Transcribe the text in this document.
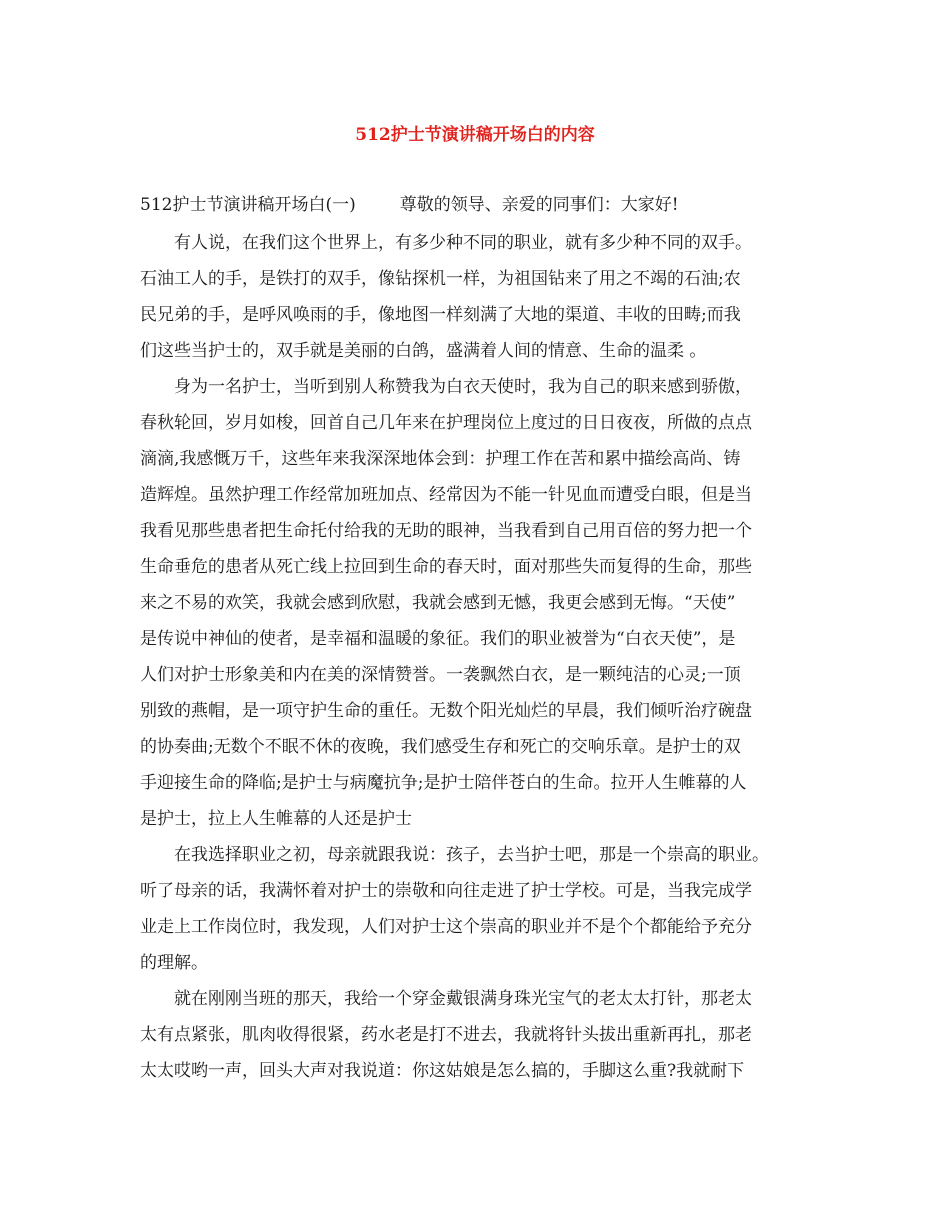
512护士节演讲稿开场白的内容
512护士节演讲稿开场白(一)	尊敬的领导、亲爱的同事们：大家好!
有人说，在我们这个世界上，有多少种不同的职业，就有多少种不同的双手。
石油工人的手，是铁打的双手，像钻探机一样，为祖国钻来了用之不竭的石油;农
民兄弟的手，是呼风唤雨的手，像地图一样刻满了大地的渠道、丰收的田畴;而我
们这些当护士的，双手就是美丽的白鸽，盛满着人间的情意、生命的温柔 。
身为一名护士，当听到别人称赞我为白衣天使时，我为自己的职来感到骄傲，
春秋轮回，岁月如梭，回首自己几年来在护理岗位上度过的日日夜夜，所做的点点
滴滴,我感慨万千，这些年来我深深地体会到：护理工作在苦和累中描绘高尚、铸
造辉煌。虽然护理工作经常加班加点、经常因为不能一针见血而遭受白眼，但是当
我看见那些患者把生命托付给我的无助的眼神，当我看到自己用百倍的努力把一个
生命垂危的患者从死亡线上拉回到生命的春天时，面对那些失而复得的生命，那些
来之不易的欢笑，我就会感到欣慰，我就会感到无憾，我更会感到无悔。“天使”
是传说中神仙的使者，是幸福和温暖的象征。我们的职业被誉为“白衣天使”，是
人们对护士形象美和内在美的深情赞誉。一袭飘然白衣，是一颗纯洁的心灵;一顶
别致的燕帽，是一项守护生命的重任。无数个阳光灿烂的早晨，我们倾听治疗碗盘
的协奏曲;无数个不眠不休的夜晚，我们感受生存和死亡的交响乐章。是护士的双
手迎接生命的降临;是护士与病魔抗争;是护士陪伴苍白的生命。拉开人生帷幕的人
是护士，拉上人生帷幕的人还是护士
在我选择职业之初，母亲就跟我说：孩子，去当护士吧，那是一个崇高的职业。
听了母亲的话，我满怀着对护士的崇敬和向往走进了护士学校。可是，当我完成学
业走上工作岗位时，我发现，人们对护士这个崇高的职业并不是个个都能给予充分
的理解。
就在刚刚当班的那天，我给一个穿金戴银满身珠光宝气的老太太打针，那老太
太有点紧张，肌肉收得很紧，药水老是打不进去，我就将针头拔出重新再扎，那老
太太哎哟一声，回头大声对我说道：你这姑娘是怎么搞的，手脚这么重?我就耐下
